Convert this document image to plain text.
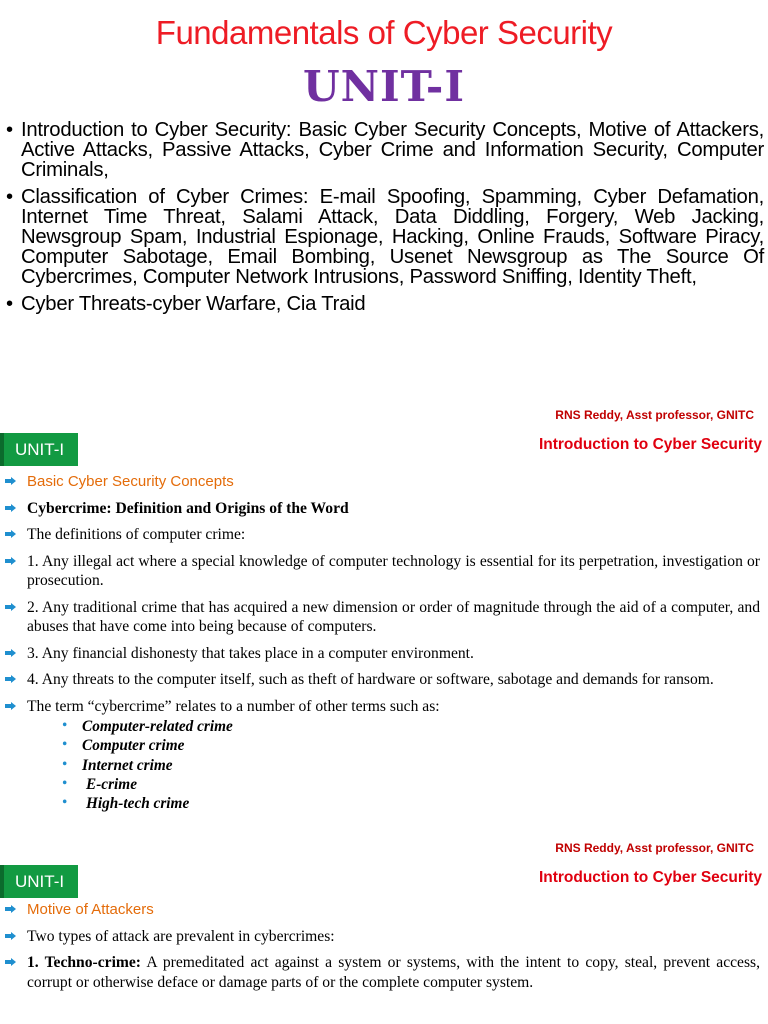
Fundamentals of Cyber Security
UNIT-I
• Introduction to Cyber Security: Basic Cyber Security Concepts, Motive of Attackers, Active Attacks, Passive Attacks, Cyber Crime and Information Security, Computer Criminals,
• Classification of Cyber Crimes: E-mail Spoofing, Spamming, Cyber Defamation, Internet Time Threat, Salami Attack, Data Diddling, Forgery, Web Jacking, Newsgroup Spam, Industrial Espionage, Hacking, Online Frauds, Software Piracy, Computer Sabotage, Email Bombing, Usenet Newsgroup as The Source Of Cybercrimes, Computer Network Intrusions, Password Sniffing, Identity Theft,
• Cyber Threats-cyber Warfare, Cia Traid
RNS Reddy, Asst professor, GNITC
UNIT-I	Introduction to Cyber Security
Basic Cyber Security Concepts
Cybercrime: Definition and Origins of the Word
The definitions of computer crime:
1. Any illegal act where a special knowledge of computer technology is essential for its perpetration, investigation or prosecution.
2. Any traditional crime that has acquired a new dimension or order of magnitude through the aid of a computer, and abuses that have come into being because of computers.
3. Any financial dishonesty that takes place in a computer environment.
4. Any threats to the computer itself, such as theft of hardware or software, sabotage and demands for ransom.
The term “cybercrime” relates to a number of other terms such as:
• Computer-related crime
• Computer crime
• Internet crime
• E-crime
• High-tech crime
RNS Reddy, Asst professor, GNITC
UNIT-I	Introduction to Cyber Security
Motive of Attackers
Two types of attack are prevalent in cybercrimes:
1. Techno-crime: A premeditated act against a system or systems, with the intent to copy, steal, prevent access, corrupt or otherwise deface or damage parts of or the complete computer system.
